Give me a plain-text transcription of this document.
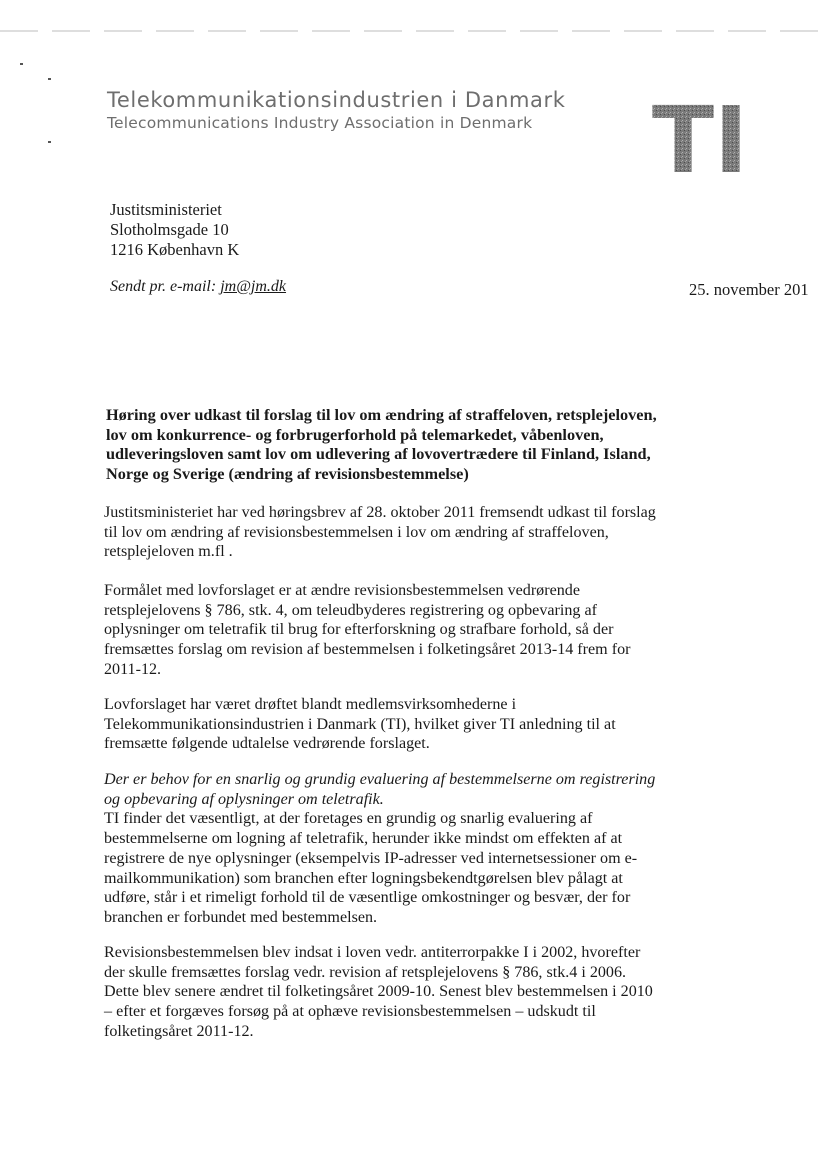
Telekommunikationsindustrien i Danmark
Telecommunications Industry Association in Denmark TI
Justitsministeriet
Slotholmsgade 10
1216 København K
Sendt pr. e-mail: jm@jm.dk	25. november 201
Høring over udkast til forslag til lov om ændring af straffeloven, retsplejeloven, lov om konkurrence- og forbrugerforhold på telemarkedet, våbenloven, udleveringsloven samt lov om udlevering af lovovertrædere til Finland, Island, Norge og Sverige (ændring af revisionsbestemmelse)
Justitsministeriet har ved høringsbrev af 28. oktober 2011 fremsendt udkast til forslag til lov om ændring af revisionsbestemmelsen i lov om ændring af straffeloven, retsplejeloven m.fl .
Formålet med lovforslaget er at ændre revisionsbestemmelsen vedrørende retsplejelovens § 786, stk. 4, om teleudbyderes registrering og opbevaring af oplysninger om teletrafik til brug for efterforskning og strafbare forhold, så der fremsættes forslag om revision af bestemmelsen i folketingsåret 2013-14 frem for 2011-12.
Lovforslaget har været drøftet blandt medlemsvirksomhederne i Telekommunikationsindustrien i Danmark (TI), hvilket giver TI anledning til at fremsætte følgende udtalelse vedrørende forslaget.
Der er behov for en snarlig og grundig evaluering af bestemmelserne om registrering og opbevaring af oplysninger om teletrafik.
TI finder det væsentligt, at der foretages en grundig og snarlig evaluering af bestemmelserne om logning af teletrafik, herunder ikke mindst om effekten af at registrere de nye oplysninger (eksempelvis IP-adresser ved internetsessioner om e-mailkommunikation) som branchen efter logningsbekendtgørelsen blev pålagt at udføre, står i et rimeligt forhold til de væsentlige omkostninger og besvær, der for branchen er forbundet med bestemmelsen.
Revisionsbestemmelsen blev indsat i loven vedr. antiterrorpakke I i 2002, hvorefter der skulle fremsættes forslag vedr. revision af retsplejelovens § 786, stk.4 i 2006. Dette blev senere ændret til folketingsåret 2009-10. Senest blev bestemmelsen i 2010 – efter et forgæves forsøg på at ophæve revisionsbestemmelsen – udskudt til folketingsåret 2011-12.
